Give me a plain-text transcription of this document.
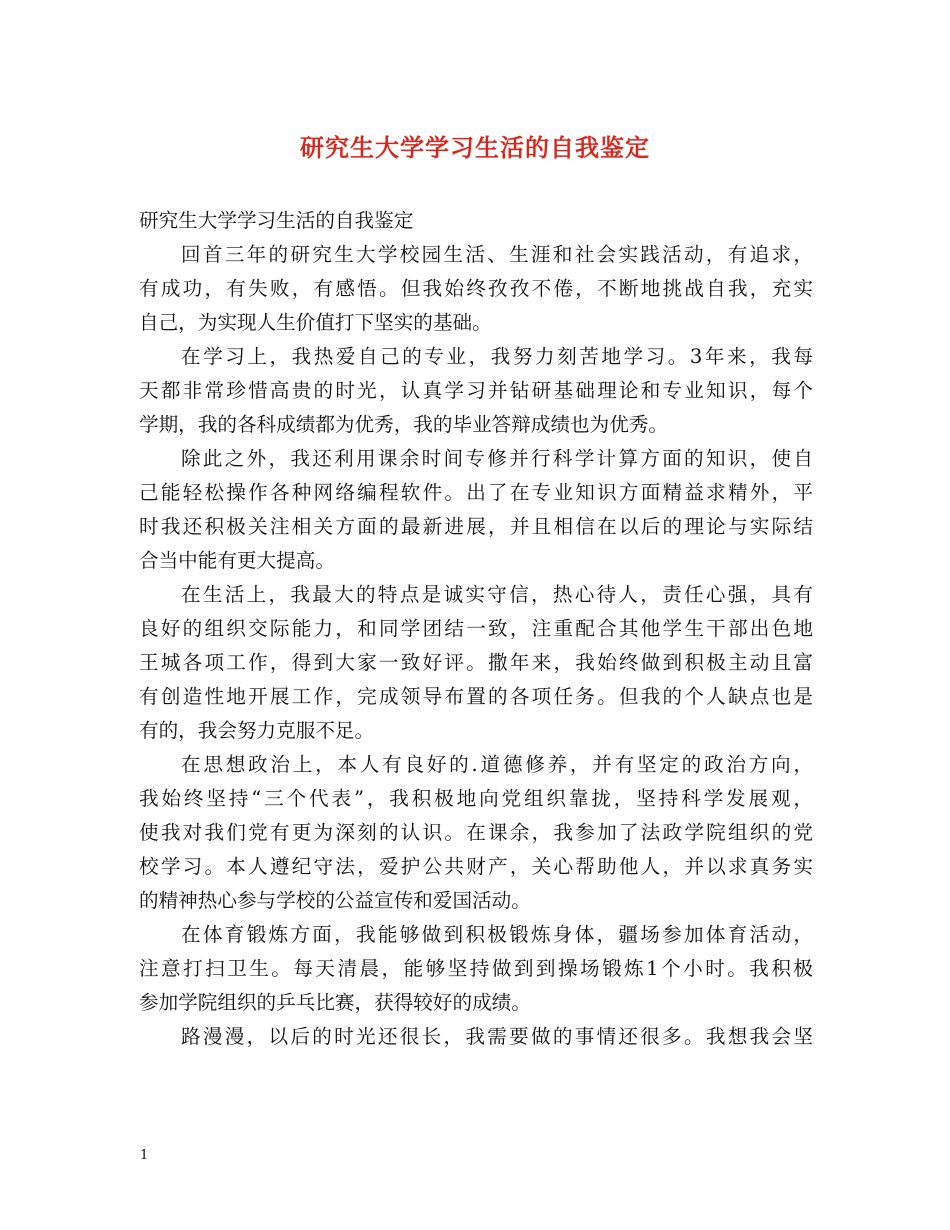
研究生大学学习生活的自我鉴定
研究生大学学习生活的自我鉴定
回首三年的研究生大学校园生活、生涯和社会实践活动，有追求，
有成功，有失败，有感悟。但我始终孜孜不倦，不断地挑战自我，充实
自己，为实现人生价值打下坚实的基础。
在学习上，我热爱自己的专业，我努力刻苦地学习。3年来，我每
天都非常珍惜高贵的时光，认真学习并钻研基础理论和专业知识，每个
学期，我的各科成绩都为优秀，我的毕业答辩成绩也为优秀。
除此之外，我还利用课余时间专修并行科学计算方面的知识，使自
己能轻松操作各种网络编程软件。出了在专业知识方面精益求精外，平
时我还积极关注相关方面的最新进展，并且相信在以后的理论与实际结
合当中能有更大提高。
在生活上，我最大的特点是诚实守信，热心待人，责任心强，具有
良好的组织交际能力，和同学团结一致，注重配合其他学生干部出色地
王城各项工作，得到大家一致好评。撒年来，我始终做到积极主动且富
有创造性地开展工作，完成领导布置的各项任务。但我的个人缺点也是
有的，我会努力克服不足。
在思想政治上，本人有良好的.道德修养，并有坚定的政治方向，
我始终坚持“三个代表”，我积极地向党组织靠拢，坚持科学发展观，
使我对我们党有更为深刻的认识。在课余，我参加了法政学院组织的党
校学习。本人遵纪守法，爱护公共财产，关心帮助他人，并以求真务实
的精神热心参与学校的公益宣传和爱国活动。
在体育锻炼方面，我能够做到积极锻炼身体，疆场参加体育活动，
注意打扫卫生。每天清晨，能够坚持做到到操场锻炼1个小时。我积极
参加学院组织的乒乓比赛，获得较好的成绩。
路漫漫，以后的时光还很长，我需要做的事情还很多。我想我会坚
1
